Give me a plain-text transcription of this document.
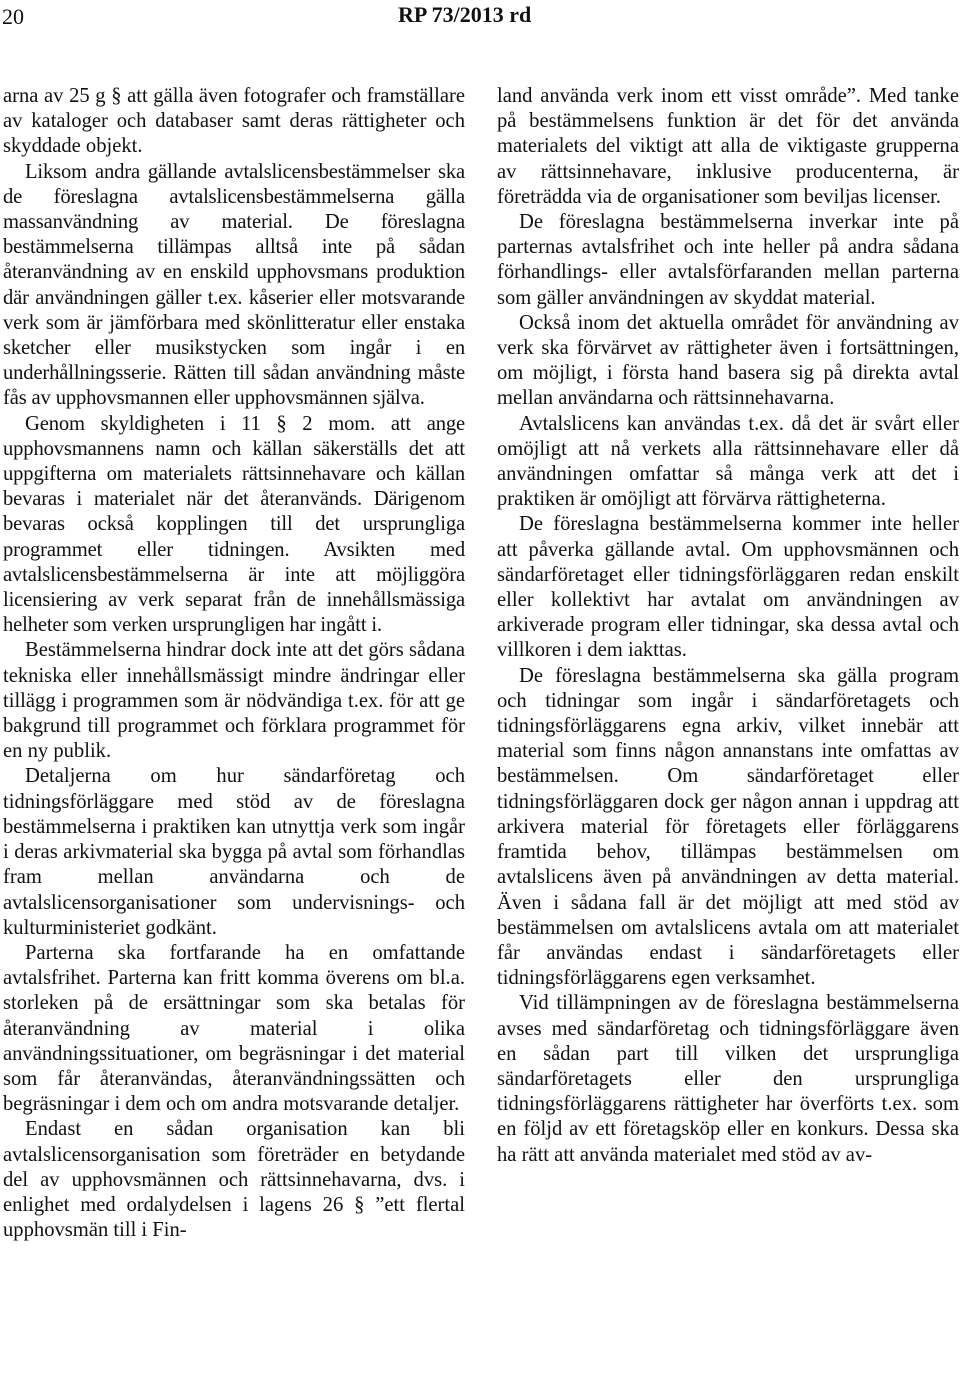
20	RP 73/2013 rd

arna av 25 g § att gälla även fotografer och framställare av kataloger och databaser samt deras rättigheter och skyddade objekt.

Liksom andra gällande avtalslicensbestämmelser ska de föreslagna avtalslicensbestämmelserna gälla massanvändning av material. De föreslagna bestämmelserna tillämpas alltså inte på sådan återanvändning av en enskild upphovsmans produktion där användningen gäller t.ex. kåserier eller motsvarande verk som är jämförbara med skönlitteratur eller enstaka sketcher eller musikstycken som ingår i en underhållningsserie. Rätten till sådan användning måste fås av upphovsmannen eller upphovsmännen själva.

Genom skyldigheten i 11 § 2 mom. att ange upphovsmannens namn och källan säkerställs det att uppgifterna om materialets rättsinnehavare och källan bevaras i materialet när det återanvänds. Därigenom bevaras också kopplingen till det ursprungliga programmet eller tidningen. Avsikten med avtalslicensbestämmelserna är inte att möjliggöra licensiering av verk separat från de innehållsmässiga helheter som verken ursprungligen har ingått i.

Bestämmelserna hindrar dock inte att det görs sådana tekniska eller innehållsmässigt mindre ändringar eller tillägg i programmen som är nödvändiga t.ex. för att ge bakgrund till programmet och förklara programmet för en ny publik.

Detaljerna om hur sändarföretag och tidningsförläggare med stöd av de föreslagna bestämmelserna i praktiken kan utnyttja verk som ingår i deras arkivmaterial ska bygga på avtal som förhandlas fram mellan användarna och de avtalslicensorganisationer som undervisnings- och kulturministeriet godkänt.

Parterna ska fortfarande ha en omfattande avtalsfrihet. Parterna kan fritt komma överens om bl.a. storleken på de ersättningar som ska betalas för återanvändning av material i olika användningssituationer, om begräsningar i det material som får återanvändas, återanvändningssätten och begräsningar i dem och om andra motsvarande detaljer.

Endast en sådan organisation kan bli avtalslicensorganisation som företräder en betydande del av upphovsmännen och rättsinnehavarna, dvs. i enlighet med ordalydelsen i lagens 26 § ”ett flertal upphovsmän till i Fin-

land använda verk inom ett visst område”. Med tanke på bestämmelsens funktion är det för det använda materialets del viktigt att alla de viktigaste grupperna av rättsinnehavare, inklusive producenterna, är företrädda via de organisationer som beviljas licenser.

De föreslagna bestämmelserna inverkar inte på parternas avtalsfrihet och inte heller på andra sådana förhandlings- eller avtalsförfaranden mellan parterna som gäller användningen av skyddat material.

Också inom det aktuella området för användning av verk ska förvärvet av rättigheter även i fortsättningen, om möjligt, i första hand basera sig på direkta avtal mellan användarna och rättsinnehavarna.

Avtalslicens kan användas t.ex. då det är svårt eller omöjligt att nå verkets alla rättsinnehavare eller då användningen omfattar så många verk att det i praktiken är omöjligt att förvärva rättigheterna.

De föreslagna bestämmelserna kommer inte heller att påverka gällande avtal. Om upphovsmännen och sändarföretaget eller tidningsförläggaren redan enskilt eller kollektivt har avtalat om användningen av arkiverade program eller tidningar, ska dessa avtal och villkoren i dem iakttas.

De föreslagna bestämmelserna ska gälla program och tidningar som ingår i sändarföretagets och tidningsförläggarens egna arkiv, vilket innebär att material som finns någon annanstans inte omfattas av bestämmelsen. Om sändarföretaget eller tidningsförläggaren dock ger någon annan i uppdrag att arkivera material för företagets eller förläggarens framtida behov, tillämpas bestämmelsen om avtalslicens även på användningen av detta material. Även i sådana fall är det möjligt att med stöd av bestämmelsen om avtalslicens avtala om att materialet får användas endast i sändarföretagets eller tidningsförläggarens egen verksamhet.

Vid tillämpningen av de föreslagna bestämmelserna avses med sändarföretag och tidningsförläggare även en sådan part till vilken det ursprungliga sändarföretagets eller den ursprungliga tidningsförläggarens rättigheter har överförts t.ex. som en följd av ett företagsköp eller en konkurs. Dessa ska ha rätt att använda materialet med stöd av av-
